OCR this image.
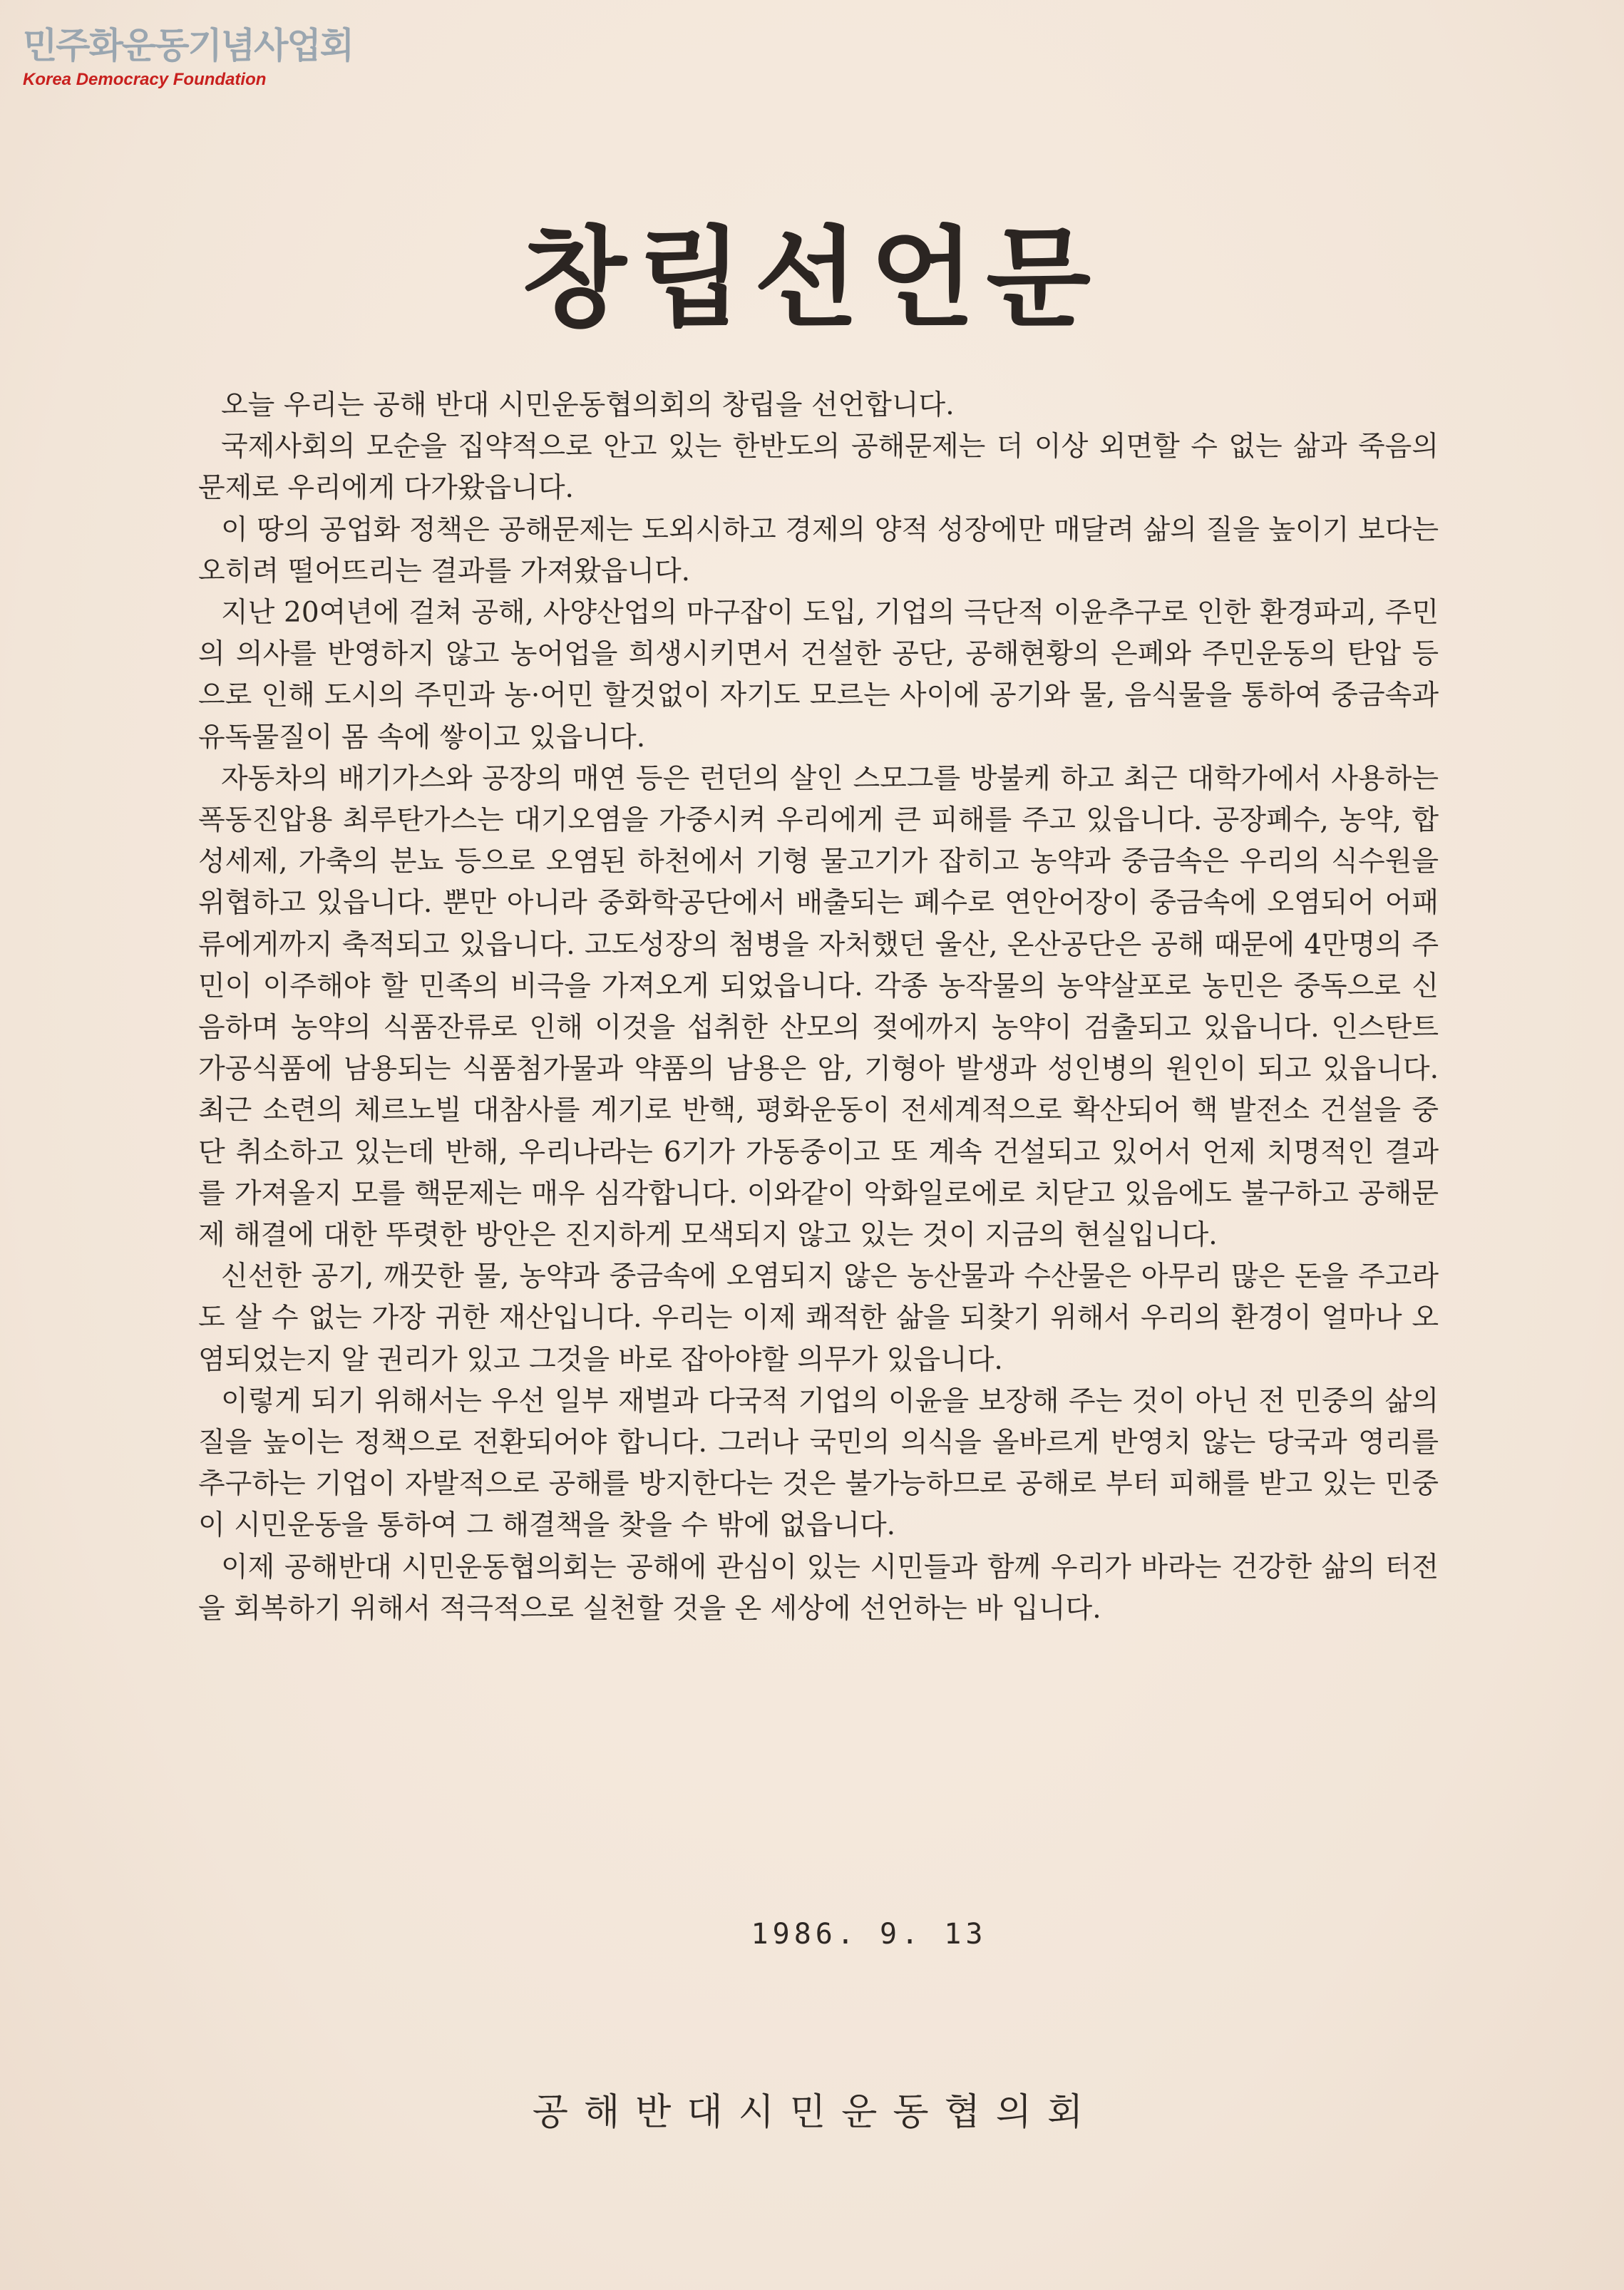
민주화운동기념사업회
Korea Democracy Foundation
창립선언문

오늘 우리는 공해 반대 시민운동협의회의 창립을 선언합니다.

국제사회의 모순을 집약적으로 안고 있는 한반도의 공해문제는 더 이상 외면할 수 없는 삶과 죽음의 문제로 우리에게 다가왔읍니다.

이 땅의 공업화 정책은 공해문제는 도외시하고 경제의 양적 성장에만 매달려 삶의 질을 높이기 보다는 오히려 떨어뜨리는 결과를 가져왔읍니다.

지난 20여년에 걸쳐 공해, 사양산업의 마구잡이 도입, 기업의 극단적 이윤추구로 인한 환경파괴, 주민의 의사를 반영하지 않고 농어업을 희생시키면서 건설한 공단, 공해현황의 은폐와 주민운동의 탄압 등으로 인해 도시의 주민과 농·어민 할것없이 자기도 모르는 사이에 공기와 물, 음식물을 통하여 중금속과 유독물질이 몸 속에 쌓이고 있읍니다.

자동차의 배기가스와 공장의 매연 등은 런던의 살인 스모그를 방불케 하고 최근 대학가에서 사용하는 폭동진압용 최루탄가스는 대기오염을 가중시켜 우리에게 큰 피해를 주고 있읍니다. 공장폐수, 농약, 합성세제, 가축의 분뇨 등으로 오염된 하천에서 기형 물고기가 잡히고 농약과 중금속은 우리의 식수원을 위협하고 있읍니다. 뿐만 아니라 중화학공단에서 배출되는 폐수로 연안어장이 중금속에 오염되어 어패류에게까지 축적되고 있읍니다. 고도성장의 첨병을 자처했던 울산, 온산공단은 공해 때문에 4만명의 주민이 이주해야 할 민족의 비극을 가져오게 되었읍니다. 각종 농작물의 농약살포로 농민은 중독으로 신음하며 농약의 식품잔류로 인해 이것을 섭취한 산모의 젖에까지 농약이 검출되고 있읍니다. 인스탄트 가공식품에 남용되는 식품첨가물과 약품의 남용은 암, 기형아 발생과 성인병의 원인이 되고 있읍니다. 최근 소련의 체르노빌 대참사를 계기로 반핵, 평화운동이 전세계적으로 확산되어 핵 발전소 건설을 중단 취소하고 있는데 반해, 우리나라는 6기가 가동중이고 또 계속 건설되고 있어서 언제 치명적인 결과를 가져올지 모를 핵문제는 매우 심각합니다. 이와같이 악화일로에로 치닫고 있음에도 불구하고 공해문제 해결에 대한 뚜렷한 방안은 진지하게 모색되지 않고 있는 것이 지금의 현실입니다.

신선한 공기, 깨끗한 물, 농약과 중금속에 오염되지 않은 농산물과 수산물은 아무리 많은 돈을 주고라도 살 수 없는 가장 귀한 재산입니다. 우리는 이제 쾌적한 삶을 되찾기 위해서 우리의 환경이 얼마나 오염되었는지 알 권리가 있고 그것을 바로 잡아야할 의무가 있읍니다.

이렇게 되기 위해서는 우선 일부 재벌과 다국적 기업의 이윤을 보장해 주는 것이 아닌 전 민중의 삶의 질을 높이는 정책으로 전환되어야 합니다. 그러나 국민의 의식을 올바르게 반영치 않는 당국과 영리를 추구하는 기업이 자발적으로 공해를 방지한다는 것은 불가능하므로 공해로 부터 피해를 받고 있는 민중이 시민운동을 통하여 그 해결책을 찾을 수 밖에 없읍니다.

이제 공해반대 시민운동협의회는 공해에 관심이 있는 시민들과 함께 우리가 바라는 건강한 삶의 터전을 회복하기 위해서 적극적으로 실천할 것을 온 세상에 선언하는 바 입니다.

1986. 9. 13
공해반대시민운동협의회
